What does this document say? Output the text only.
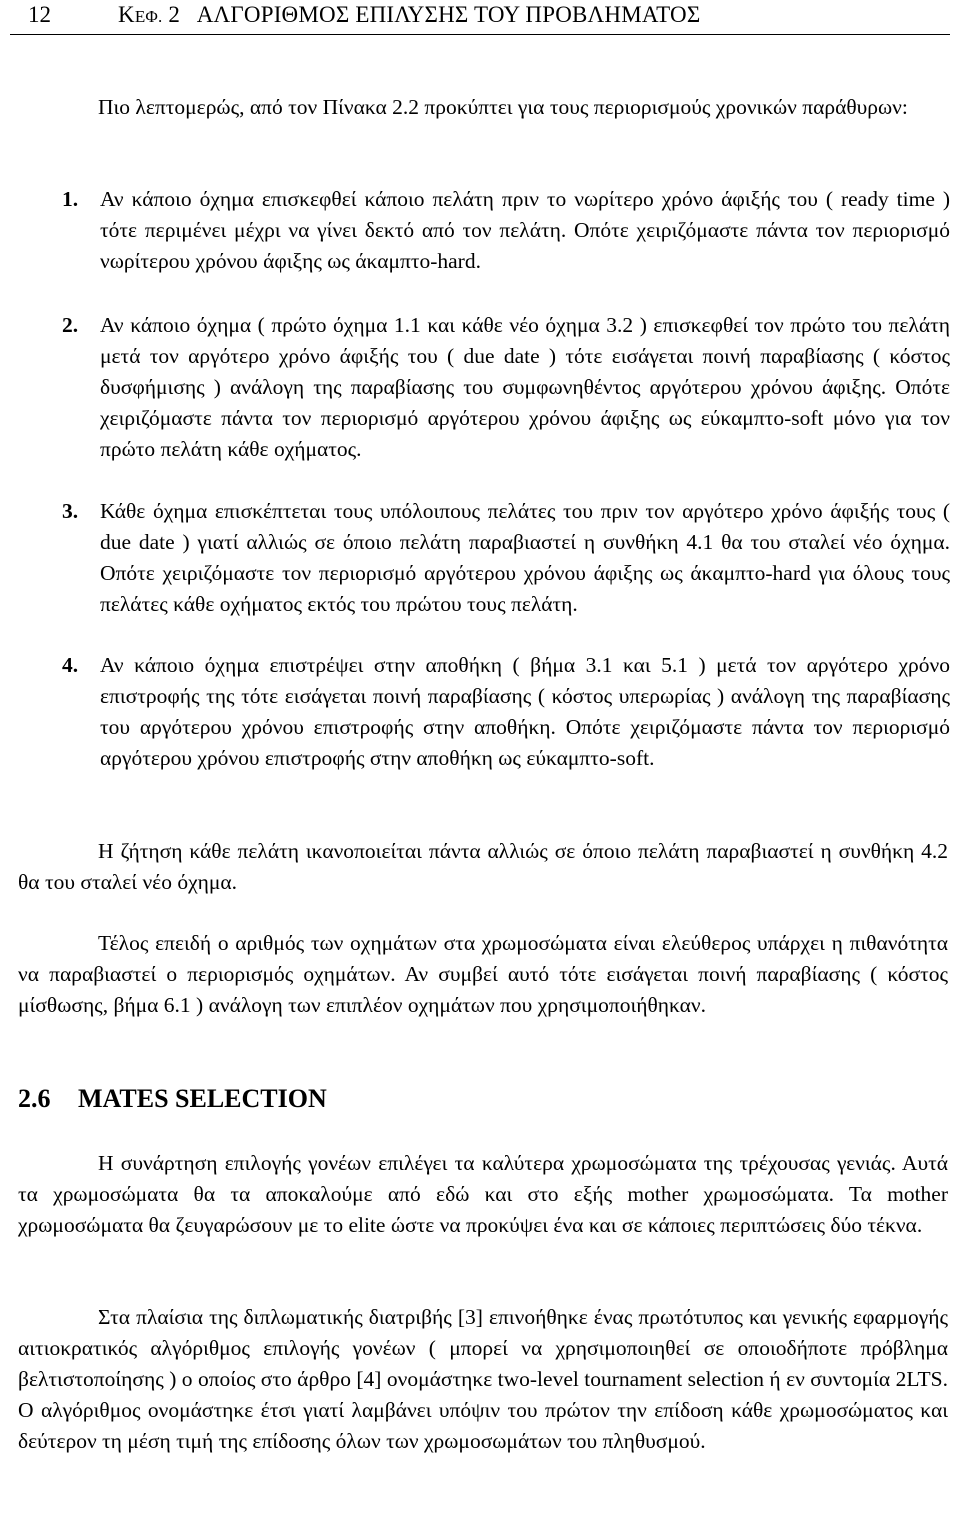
12	ΚΕΦ. 2   ΑΛΓΟΡΙΘΜΟΣ ΕΠΙΛΥΣΗΣ ΤΟΥ ΠΡΟΒΛΗΜΑΤΟΣ

Πιο λεπτομερώς, από τον Πίνακα 2.2 προκύπτει για τους περιορισμούς χρονικών παράθυρων:

1. Αν κάποιο όχημα επισκεφθεί κάποιο πελάτη πριν το νωρίτερο χρόνο άφιξής του ( ready time ) τότε περιμένει μέχρι να γίνει δεκτό από τον πελάτη. Οπότε χειριζόμαστε πάντα τον περιορισμό νωρίτερου χρόνου άφιξης ως άκαμπτο-hard.

2. Αν κάποιο όχημα ( πρώτο όχημα 1.1 και κάθε νέο όχημα 3.2 ) επισκεφθεί τον πρώτο του πελάτη μετά τον αργότερο χρόνο άφιξής του ( due date ) τότε εισάγεται ποινή παραβίασης ( κόστος δυσφήμισης ) ανάλογη της παραβίασης του συμφωνηθέντος αργότερου χρόνου άφιξης. Οπότε χειριζόμαστε πάντα τον περιορισμό αργότερου χρόνου άφιξης ως εύκαμπτο-soft μόνο για τον πρώτο πελάτη κάθε οχήματος.

3. Κάθε όχημα επισκέπτεται τους υπόλοιπους πελάτες του πριν τον αργότερο χρόνο άφιξής τους ( due date ) γιατί αλλιώς σε όποιο πελάτη παραβιαστεί η συνθήκη 4.1 θα του σταλεί νέο όχημα. Οπότε χειριζόμαστε τον περιορισμό αργότερου χρόνου άφιξης ως άκαμπτο-hard για όλους τους πελάτες κάθε οχήματος εκτός του πρώτου τους πελάτη.

4. Αν κάποιο όχημα επιστρέψει στην αποθήκη ( βήμα 3.1 και 5.1 ) μετά τον αργότερο χρόνο επιστροφής της τότε εισάγεται ποινή παραβίασης ( κόστος υπερωρίας ) ανάλογη της παραβίασης του αργότερου χρόνου επιστροφής στην αποθήκη. Οπότε χειριζόμαστε πάντα τον περιορισμό αργότερου χρόνου επιστροφής στην αποθήκη ως εύκαμπτο-soft.

Η ζήτηση κάθε πελάτη ικανοποιείται πάντα αλλιώς σε όποιο πελάτη παραβιαστεί η συνθήκη 4.2 θα του σταλεί νέο όχημα.

Τέλος επειδή ο αριθμός των οχημάτων στα χρωμοσώματα είναι ελεύθερος υπάρχει η πιθανότητα να παραβιαστεί ο περιορισμός οχημάτων. Αν συμβεί αυτό τότε εισάγεται ποινή παραβίασης ( κόστος μίσθωσης, βήμα 6.1 ) ανάλογη των επιπλέον οχημάτων που χρησιμοποιήθηκαν.

2.6 MATES SELECTION

Η συνάρτηση επιλογής γονέων επιλέγει τα καλύτερα χρωμοσώματα της τρέχουσας γενιάς. Αυτά τα χρωμοσώματα θα τα αποκαλούμε από εδώ και στο εξής mother χρωμοσώματα. Τα mother χρωμοσώματα θα ζευγαρώσουν με το elite ώστε να προκύψει ένα και σε κάποιες περιπτώσεις δύο τέκνα.

Στα πλαίσια της διπλωματικής διατριβής [3] επινοήθηκε ένας πρωτότυπος και γενικής εφαρμογής αιτιοκρατικός αλγόριθμος επιλογής γονέων ( μπορεί να χρησιμοποιηθεί σε οποιοδήποτε πρόβλημα βελτιστοποίησης ) ο οποίος στο άρθρο [4] ονομάστηκε two-level tournament selection ή εν συντομία 2LTS. Ο αλγόριθμος ονομάστηκε έτσι γιατί λαμβάνει υπόψιν του πρώτον την επίδοση κάθε χρωμοσώματος και δεύτερον τη μέση τιμή της επίδοσης όλων των χρωμοσωμάτων του πληθυσμού.
